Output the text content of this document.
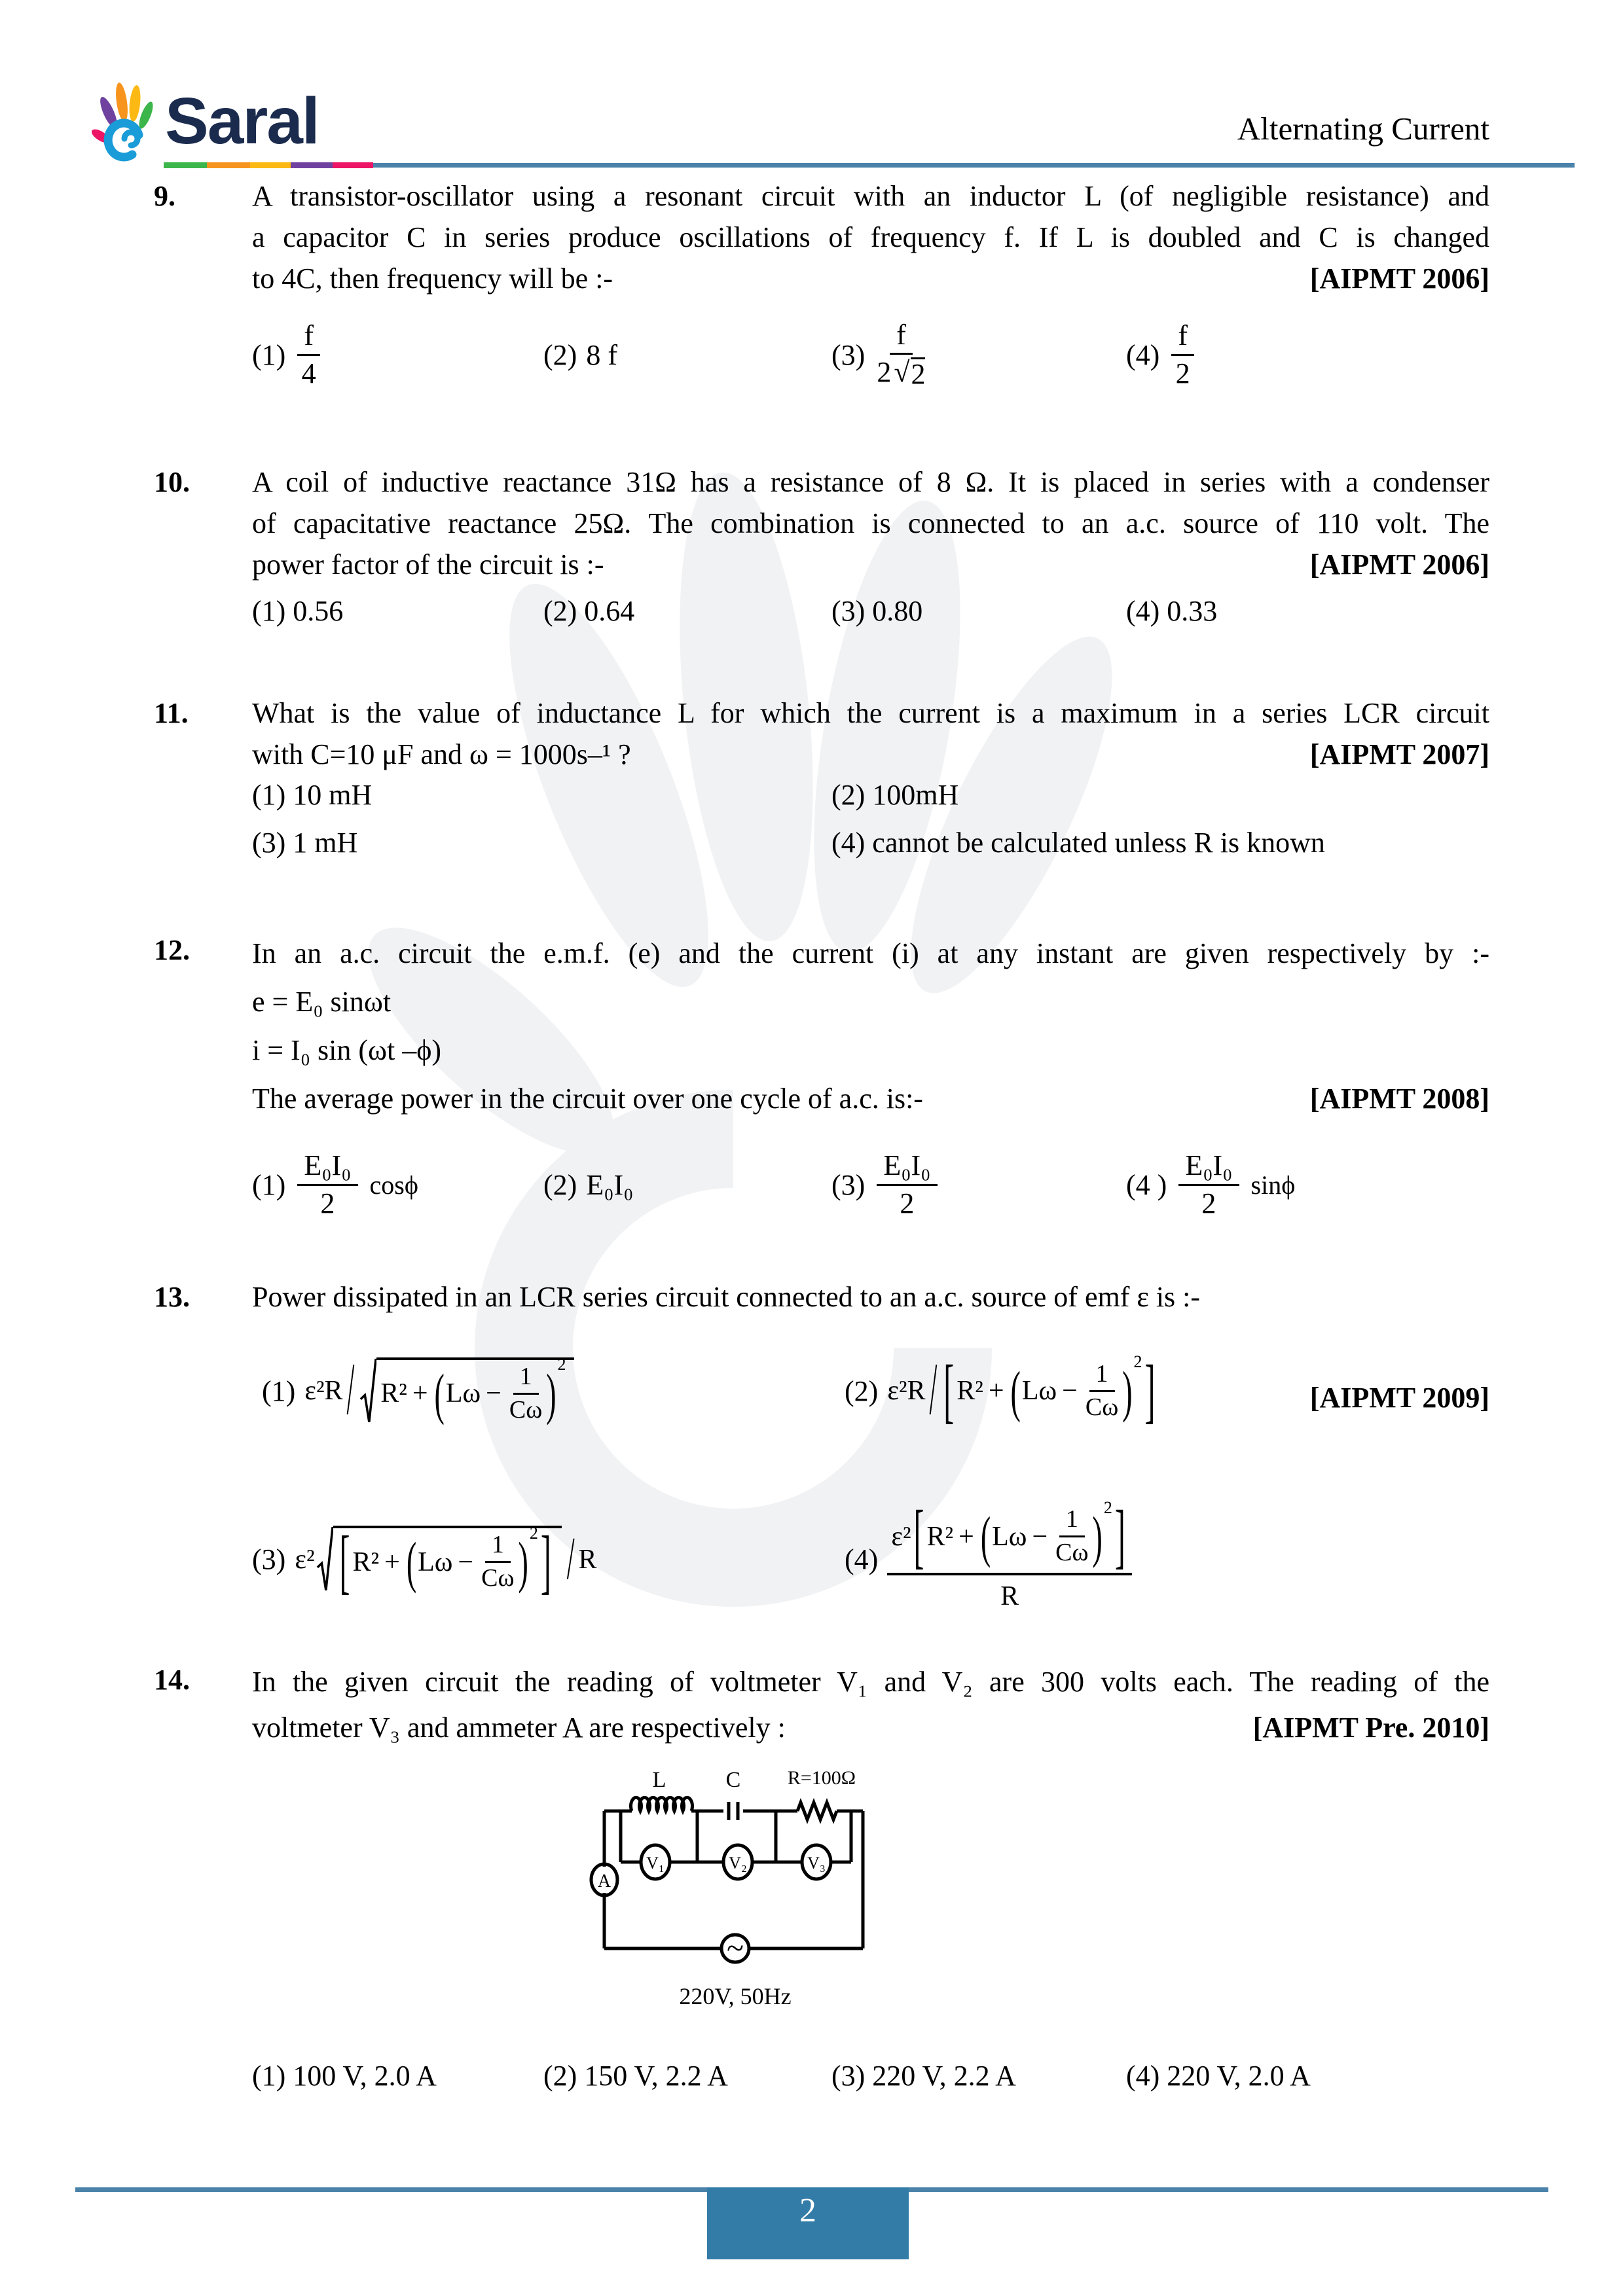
Saral	Alternating Current
9.	A transistor-oscillator using a resonant circuit with an inductor L (of negligible resistance) and
a capacitor C in series produce oscillations of frequency f. If L is doubled and C is changed
to 4C, then frequency will be :-	[AIPMT 2006]
$(1) \frac{f}{4}$	(2) 8 f	$(3) \frac{f}{2 √ 2}$	$(4) \frac{f}{2}$
10. A coil of inductive reactance 31Ω has a resistance of 8 Ω. It is placed in series with a condenser
of capacitative reactance 25Ω. The combination is connected to an a.c. source of 110 volt. The
power factor of the circuit is :-	[AIPMT 2006]
(1) 0.56	(2) 0.64	(3) 0.80	(4) 0.33
11. What is the value of inductance L for which the current is a maximum in a series LCR circuit
with C=10 μF and ω = 1000s–¹ ?	[AIPMT 2007]
(1) 10 mH	(2) 100mH
(3) 1 mH	(4) cannot be calculated unless R is known
12. In an a.c. circuit the e.m.f. (e) and the current (i) at any instant are given respectively by :-
e = E₀ sinωt
i = I₀ sin (ωt –ϕ)
The average power in the circuit over one cycle of a.c. is:-	[AIPMT 2008]
$(1) \frac{\text{E₀I₀}}{2}$ cosϕ	(2) E₀I₀	$(3) \frac{\text{E₀I₀}}{2}$	(4 ) $\frac{\text{E₀I₀}}{2}$ sinϕ
13. Power dissipated in an LCR series circuit connected to an a.c. source of emf ε is :-
(1) ε²R / R² + ( $L\omega - \frac{1}{C\omega} )^2$
(2) ε²R / [ R² + ( $L\omega - \frac{1}{C\omega} )^2$ ]	[AIPMT 2009]
(3) ε² [ R² + ( $L\omega - \frac{1}{C\omega} )^2$ ] / R	(4)
ε² [ R² + ( $L\omega - \frac{1}{C\omega} )^2$ ]
R
14. In the given circuit the reading of voltmeter V₁ and V₂ are 300 volts each. The reading of the
voltmeter V₃ and ammeter A are respectively :	[AIPMT Pre. 2010]
L	C R=100Ω
A
V₁	V₂	V₃
~
220V, 50Hz
(1) 100 V, 2.0 A	(2) 150 V, 2.2 A	(3) 220 V, 2.2 A	(4) 220 V, 2.0 A
2
